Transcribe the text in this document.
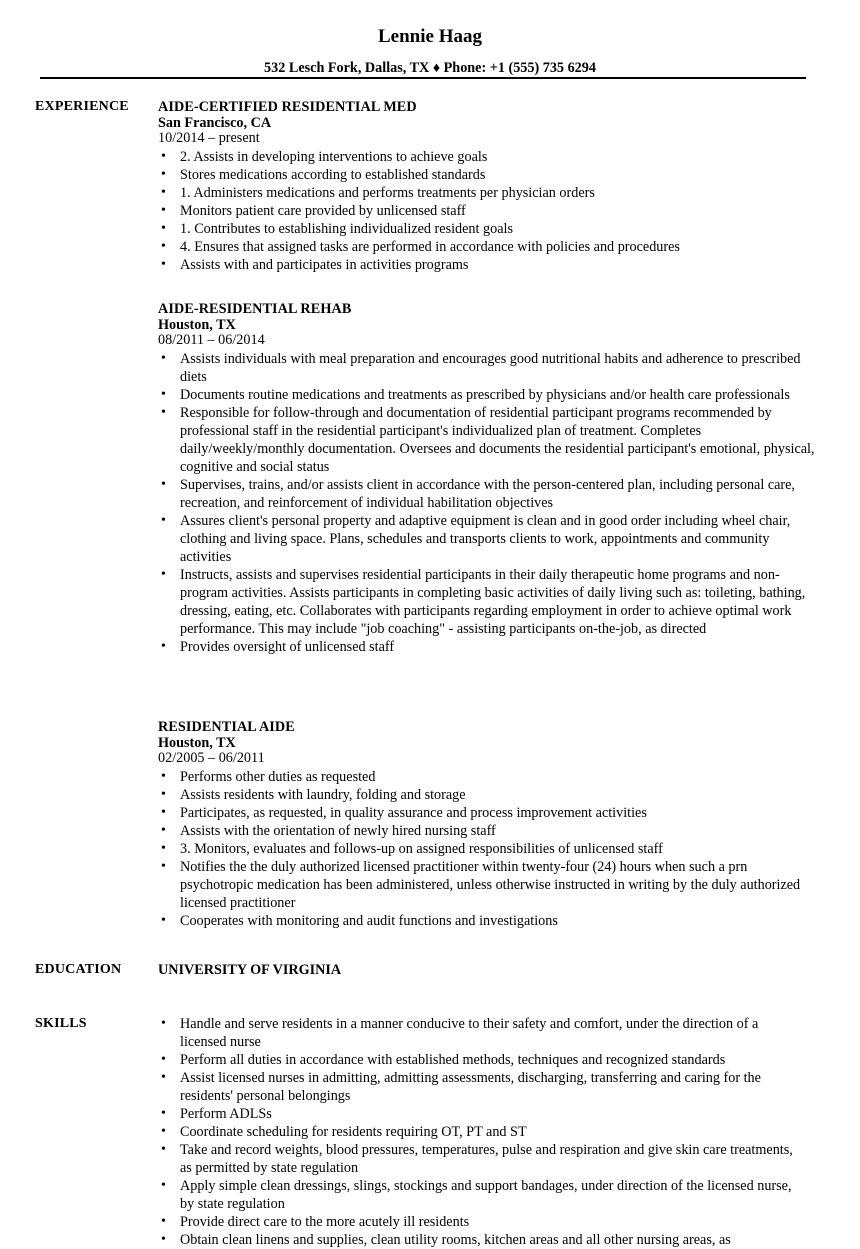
Lennie Haag
532 Lesch Fork, Dallas, TX ♦ Phone: +1 (555) 735 6294
EXPERIENCE AIDE-CERTIFIED RESIDENTIAL MED
San Francisco, CA
10/2014 – present
• 2. Assists in developing interventions to achieve goals
• Stores medications according to established standards
• 1. Administers medications and performs treatments per physician orders
• Monitors patient care provided by unlicensed staff
• 1. Contributes to establishing individualized resident goals
• 4. Ensures that assigned tasks are performed in accordance with policies and procedures
• Assists with and participates in activities programs
AIDE-RESIDENTIAL REHAB
Houston, TX
08/2011 – 06/2014
• Assists individuals with meal preparation and encourages good nutritional habits and adherence to prescribed diets
• Documents routine medications and treatments as prescribed by physicians and/or health care professionals
• Responsible for follow-through and documentation of residential participant programs recommended by professional staff in the residential participant's individualized plan of treatment. Completes daily/weekly/monthly documentation. Oversees and documents the residential participant's emotional, physical, cognitive and social status
• Supervises, trains, and/or assists client in accordance with the person-centered plan, including personal care, recreation, and reinforcement of individual habilitation objectives
• Assures client's personal property and adaptive equipment is clean and in good order including wheel chair, clothing and living space. Plans, schedules and transports clients to work, appointments and community activities
• Instructs, assists and supervises residential participants in their daily therapeutic home programs and non-program activities. Assists participants in completing basic activities of daily living such as: toileting, bathing, dressing, eating, etc. Collaborates with participants regarding employment in order to achieve optimal work performance. This may include "job coaching" - assisting participants on-the-job, as directed
• Provides oversight of unlicensed staff
RESIDENTIAL AIDE
Houston, TX
02/2005 – 06/2011
• Performs other duties as requested
• Assists residents with laundry, folding and storage
• Participates, as requested, in quality assurance and process improvement activities
• Assists with the orientation of newly hired nursing staff
• 3. Monitors, evaluates and follows-up on assigned responsibilities of unlicensed staff
• Notifies the the duly authorized licensed practitioner within twenty-four (24) hours when such a prn psychotropic medication has been administered, unless otherwise instructed in writing by the duly authorized licensed practitioner
• Cooperates with monitoring and audit functions and investigations
EDUCATION	UNIVERSITY OF VIRGINIA
SKILLS
•	Handle and serve residents in a manner conducive to their safety and comfort, under the direction of a licensed nurse
• Perform all duties in accordance with established methods, techniques and recognized standards
• Assist licensed nurses in admitting, admitting assessments, discharging, transferring and caring for the residents' personal belongings
• Perform ADLSs
• Coordinate scheduling for residents requiring OT, PT and ST
• Take and record weights, blood pressures, temperatures, pulse and respiration and give skin care treatments, as permitted by state regulation
• Apply simple clean dressings, slings, stockings and support bandages, under direction of the licensed nurse, by state regulation
• Provide direct care to the more acutely ill residents
• Obtain clean linens and supplies, clean utility rooms, kitchen areas and all other nursing areas, as
